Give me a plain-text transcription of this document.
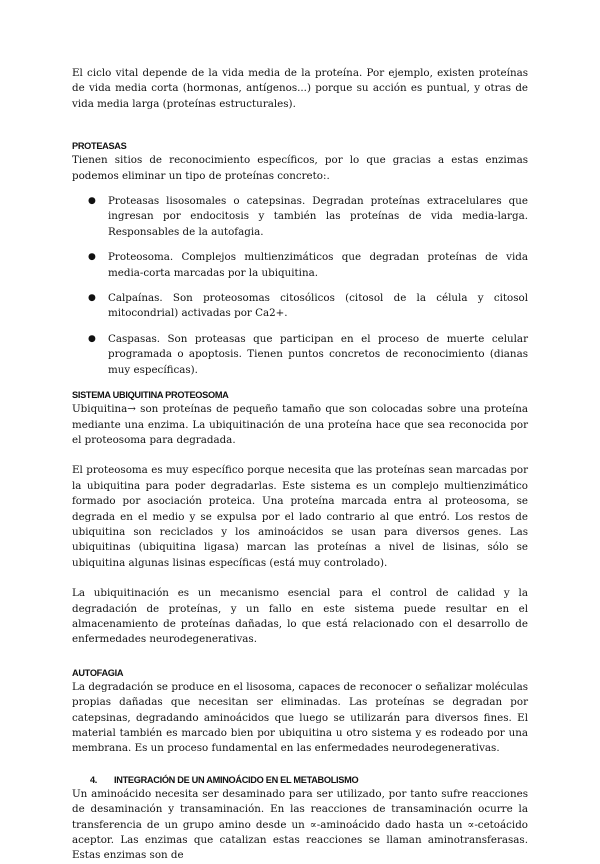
El ciclo vital depende de la vida media de la proteína. Por ejemplo, existen proteínas de vida media corta (hormonas, antígenos...) porque su acción es puntual, y otras de vida media larga (proteínas estructurales).

PROTEASAS

Tienen sitios de reconocimiento específicos, por lo que gracias a estas enzimas podemos eliminar un tipo de proteínas concreto:.

● Proteasas lisosomales o catepsinas. Degradan proteínas extracelulares que ingresan por endocitosis y también las proteínas de vida media-larga. Responsables de la autofagia.
● Proteosoma. Complejos multienzimáticos que degradan proteínas de vida media-corta marcadas por la ubiquitina.
● Calpaínas. Son proteosomas citosólicos (citosol de la célula y citosol mitocondrial) activadas por Ca2+.
● Caspasas. Son proteasas que participan en el proceso de muerte celular programada o apoptosis. Tienen puntos concretos de reconocimiento (dianas muy específicas).
SISTEMA UBIQUITINA PROTEOSOMA

Ubiquitina→ son proteínas de pequeño tamaño que son colocadas sobre una proteína mediante una enzima. La ubiquitinación de una proteína hace que sea reconocida por el proteosoma para degradada.

El proteosoma es muy específico porque necesita que las proteínas sean marcadas por la ubiquitina para poder degradarlas. Este sistema es un complejo multienzimático formado por asociación proteica. Una proteína marcada entra al proteosoma, se degrada en el medio y se expulsa por el lado contrario al que entró. Los restos de ubiquitina son reciclados y los aminoácidos se usan para diversos genes. Las ubiquitinas (ubiquitina ligasa) marcan las proteínas a nivel de lisinas, sólo se ubiquitina algunas lisinas específicas (está muy controlado).

La ubiquitinación es un mecanismo esencial para el control de calidad y la degradación de proteínas, y un fallo en este sistema puede resultar en el almacenamiento de proteínas dañadas, lo que está relacionado con el desarrollo de enfermedades neurodegenerativas.

AUTOFAGIA

La degradación se produce en el lisosoma, capaces de reconocer o señalizar moléculas propias dañadas que necesitan ser eliminadas. Las proteínas se degradan por catepsinas, degradando aminoácidos que luego se utilizarán para diversos fines. El material también es marcado bien por ubiquitina u otro sistema y es rodeado por una membrana. Es un proceso fundamental en las enfermedades neurodegenerativas.

4. INTEGRACIÓN DE UN AMINOÁCIDO EN EL METABOLISMO

Un aminoácido necesita ser desaminado para ser utilizado, por tanto sufre reacciones de desaminación y transaminación. En las reacciones de transaminación ocurre la transferencia de un grupo amino desde un ∝-aminoácido dado hasta un ∝-cetoácido aceptor. Las enzimas que catalizan estas reacciones se llaman aminotransferasas. Estas enzimas son de
